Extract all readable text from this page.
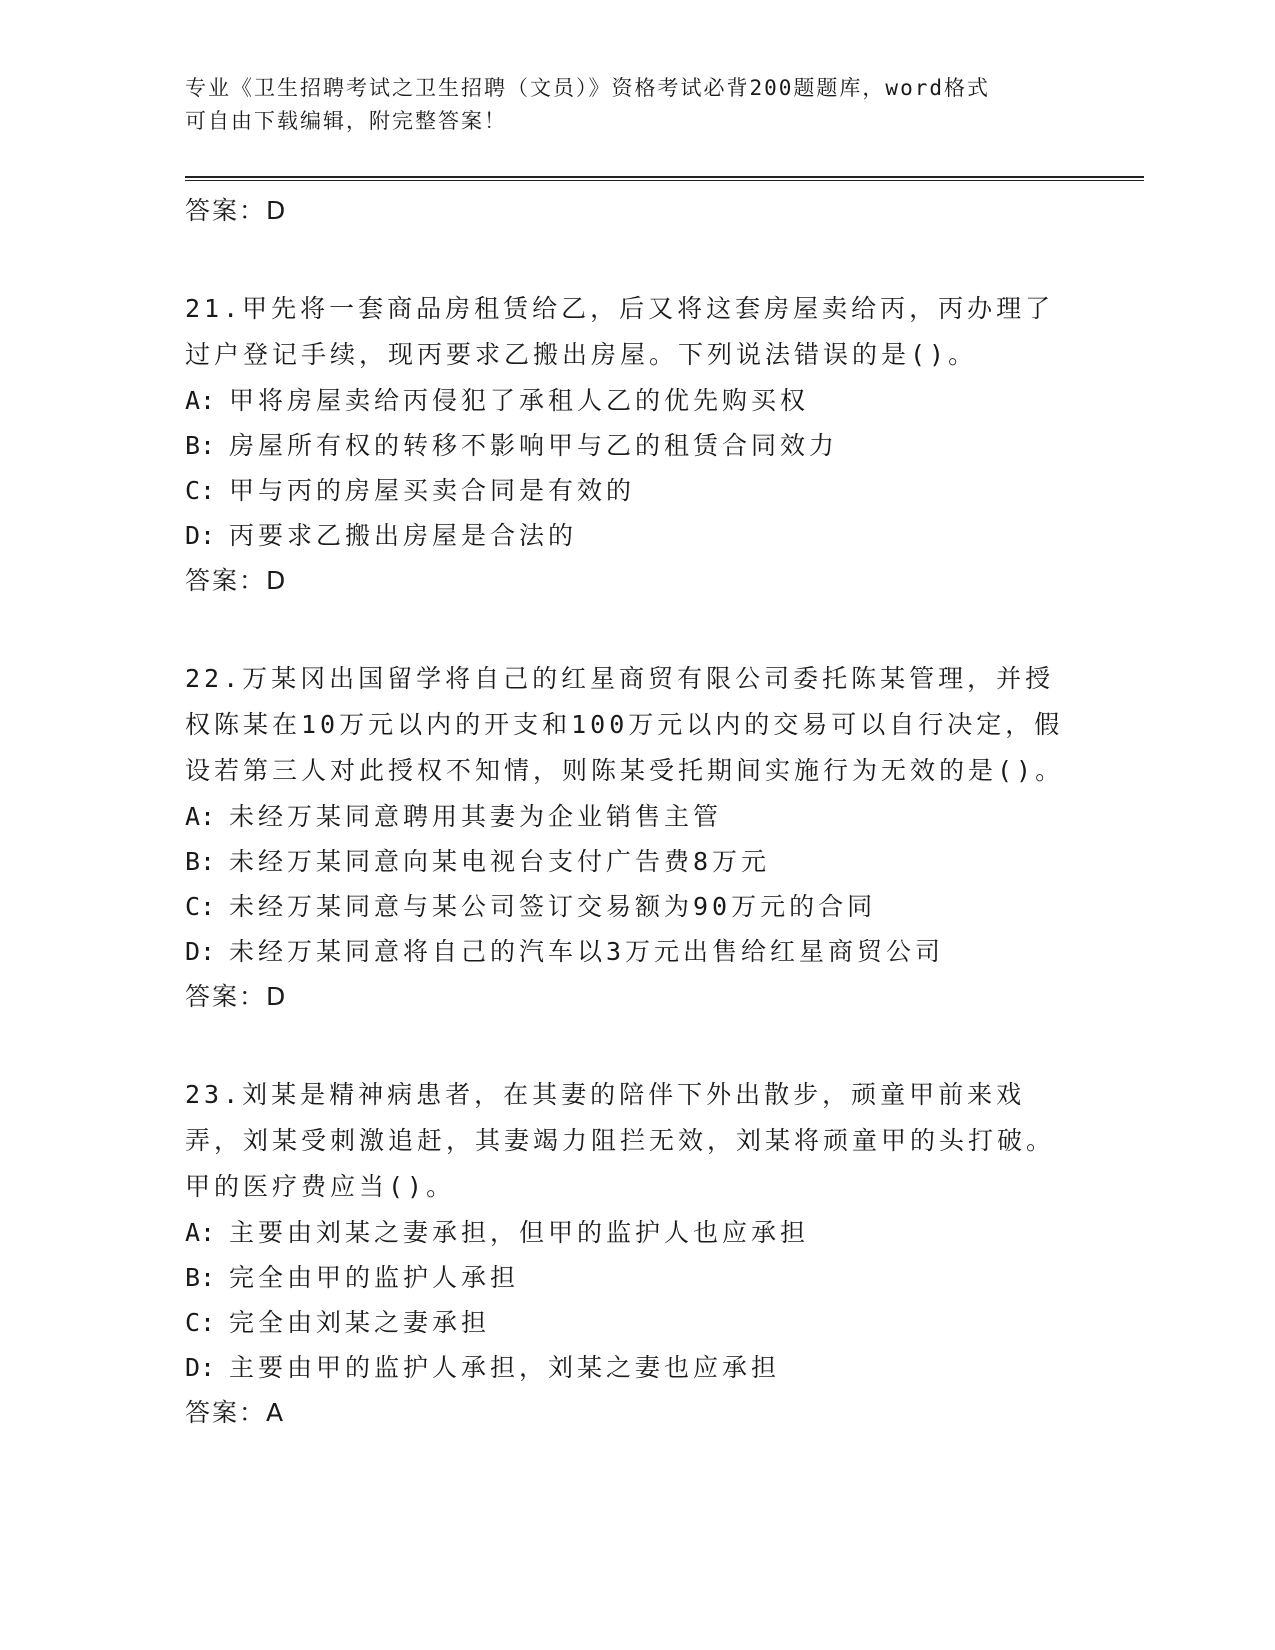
专业《卫生招聘考试之卫生招聘（文员）》资格考试必背200题题库，word格式
可自由下载编辑，附完整答案！

答案：D

21.甲先将一套商品房租赁给乙，后又将这套房屋卖给丙，丙办理了过户登记手续，现丙要求乙搬出房屋。下列说法错误的是()。

A: 甲将房屋卖给丙侵犯了承租人乙的优先购买权

B: 房屋所有权的转移不影响甲与乙的租赁合同效力

C: 甲与丙的房屋买卖合同是有效的

D: 丙要求乙搬出房屋是合法的

答案：D

22.万某冈出国留学将自己的红星商贸有限公司委托陈某管理，并授权陈某在10万元以内的开支和100万元以内的交易可以自行决定，假设若第三人对此授权不知情，则陈某受托期间实施行为无效的是()。

A: 未经万某同意聘用其妻为企业销售主管

B: 未经万某同意向某电视台支付广告费8万元

C: 未经万某同意与某公司签订交易额为90万元的合同

D: 未经万某同意将自己的汽车以3万元出售给红星商贸公司

答案：D

23.刘某是精神病患者，在其妻的陪伴下外出散步，顽童甲前来戏弄，刘某受刺激追赶，其妻竭力阻拦无效，刘某将顽童甲的头打破。甲的医疗费应当()。

A: 主要由刘某之妻承担，但甲的监护人也应承担

B: 完全由甲的监护人承担

C: 完全由刘某之妻承担

D: 主要由甲的监护人承担，刘某之妻也应承担

答案：A
